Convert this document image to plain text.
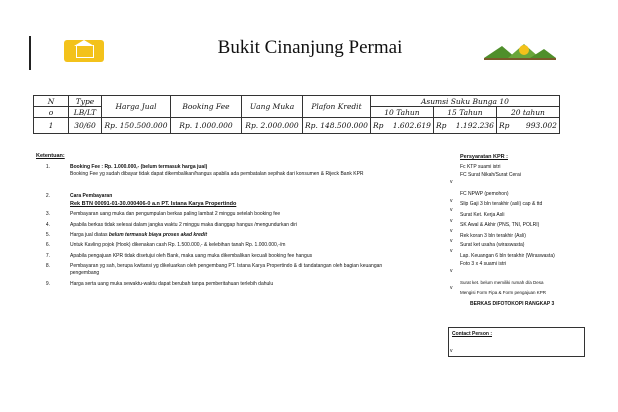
Bukit Cinanjung Permai
N	Type	Harga Jual	Booking Fee	Uang Muka	Plafon Kredit	Asumsi Suku Bunga 10					
o	LB/LT					10 Tahun		15 Tahun		20 tahun	
1	30/60	Rp. 150.500.000	Rp. 1.000.000	Rp. 2.000.000	Rp. 148.500.000	Rp	1.602.619	Rp	1.192.236	Rp	993.002
Ketentuan:
1.	Booking Fee : Rp. 1.000.000,- (belum termasuk harga jual)
Booking Fee yg sudah dibayar tidak dapat dikembalikan/hangus apabila ada pembatalan sepihak dari konsumen & Rijeck Bank KPR
2.	Cara Pembayaran
Rek BTN 00091-01-30.000406-0 a.n PT. Istana Karya Propertindo
3.	Pembayaran uang muka dan pengumpulan berkas paling lambat 2 minggu setelah booking fee
4.	Apabila berkas tidak selesai dalam jangka waktu 2 minggu maka dianggap hangus /mengundurkan diri
5.	Harga jual diatas belum termasuk biaya proses akad kredit
6.	Untuk Kavling pojok (Hook) dikenakan cash Rp. 1.500.000,- & kelebihan tanah Rp. 1.000.000,-/m
7.	Apabila pengajuan KPR tidak disetujui oleh Bank, maka uang muka dikembalikan kecuali booking fee hangus
8.	Pembayaran yg sah, berupa kwitansi yg dikeluarkan oleh pengembang PT. Istana Karya Propertindo & di tandatangan oleh bagian keuangan
pengembang
9.	Harga serta uang muka sewaktu-waktu dapat berubah tanpa pemberitahuan terlebih dahulu
Persyaratan KPR :
Fc KTP suami istri
FC Surat Nikah/Surat Cerai
v
FC NPWP (pemohon)
v Slip Gaji 3 bln terakhir (asli) cap & ttd
v
Surat Ket. Kerja Asli
v
SK Awal & Akhir (PNS, TNI, POLRI)
v
Rek koran 3 bln terakhir (Asli)
v
Surat ket usaha (wiraswasta)
v
Lap. Keuangan 6 bln terakhir (Wiraswasta)
Foto 3 x 4 suami istri
v
Surat ket. belum memiliki rumah d/a Desa
v
Mengisi Form Fipa & Form pengajuan KPR
BERKAS DIFOTOKOPI RANGKAP 3
Contact Person :
v
